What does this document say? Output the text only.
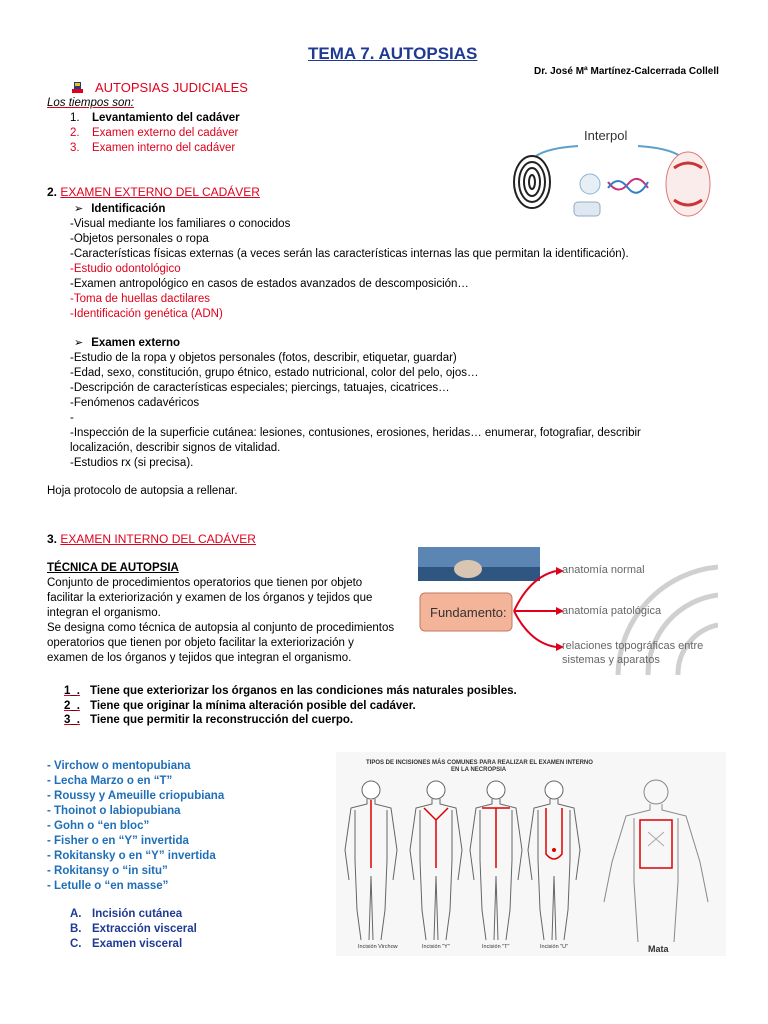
TEMA 7. AUTOPSIAS
Dr. José Mª Martínez-Calcerrada Collell
AUTOPSIAS JUDICIALES
Los tiempos son:
1. Levantamiento del cadáver
2. Examen externo del cadáver
3. Examen interno del cadáver
Interpol
2. EXAMEN EXTERNO DEL CADÁVER
➢ Identificación
-Visual mediante los familiares o conocidos
-Objetos personales o ropa
-Características físicas externas (a veces serán las características internas las que permitan la identificación).
-Estudio odontológico
-Examen antropológico en casos de estados avanzados de descomposición…
-Toma de huellas dactilares
-Identificación genética (ADN)
➢ Examen externo
-Estudio de la ropa y objetos personales (fotos, describir, etiquetar, guardar)
-Edad, sexo, constitución, grupo étnico, estado nutricional, color del pelo, ojos…
-Descripción de características especiales; piercings, tatuajes, cicatrices…
-Fenómenos cadavéricos
-
-Inspección de la superficie cutánea: lesiones, contusiones, erosiones, heridas… enumerar, fotografiar, describir
localización, describir signos de vitalidad.
-Estudios rx (si precisa).
Hoja protocolo de autopsia a rellenar.
3. EXAMEN INTERNO DEL CADÁVER
TÉCNICA DE AUTOPSIA
Conjunto de procedimientos operatorios que tienen por objeto
facilitar la exteriorización y examen de los órganos y tejidos que
integran el organismo.
Se designa como técnica de autopsia al conjunto de procedimientos
operatorios que tienen por objeto facilitar la exteriorización y
examen de los órganos y tejidos que integran el organismo.
Fundamento:
anatomía normal
anatomía patológica
relaciones topográficas entre
sistemas y aparatos
1_. Tiene que exteriorizar los órganos en las condiciones más naturales posibles.
2_. Tiene que originar la mínima alteración posible del cadáver.
3_. Tiene que permitir la reconstrucción del cuerpo.
- Virchow o mentopubiana
- Lecha Marzo o en “T”
- Roussy y Ameuille criopubiana
- Thoinot o labiopubiana
- Gohn o “en bloc”
- Fisher o en “Y” invertida
- Rokitansky o en “Y” invertida
- Rokitansy o “in situ”
- Letulle o “en masse”
A. Incisión cutánea
B. Extracción visceral
C. Examen visceral
TIPOS DE INCISIONES MÁS COMUNES PARA REALIZAR EL EXAMEN INTERNO
EN LA NECROPSIA
Incisión Virchow	Incisión "Y"	Incisión "T"	Incisión "U"	Mata
